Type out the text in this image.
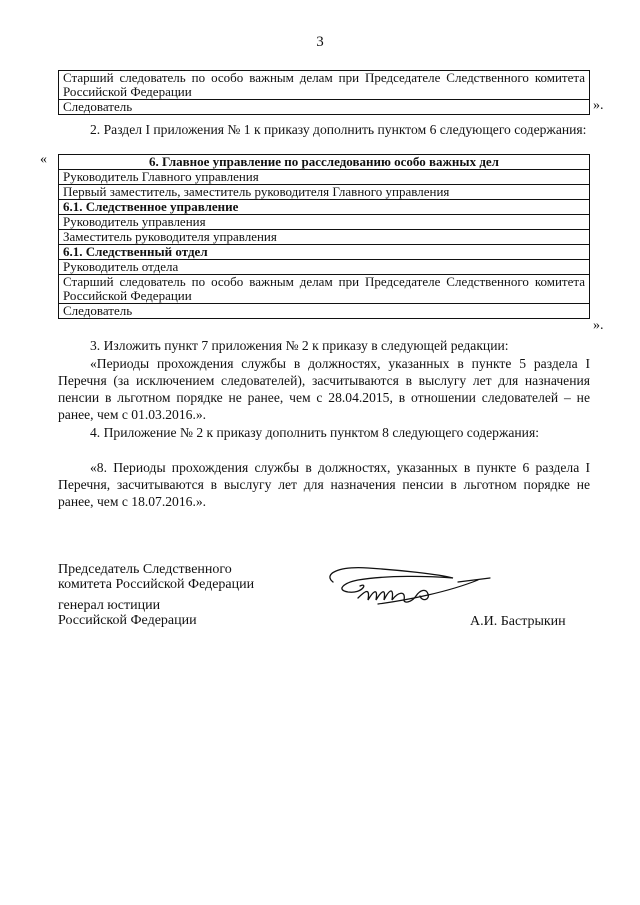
3
Старший следователь по особо важным делам при Председателе Следственного комитета Российской Федерации
Следователь	».
2. Раздел I приложения № 1 к приказу дополнить пунктом 6 следующего содержания:
«	6. Главное управление по расследованию особо важных дел
Руководитель Главного управления
Первый заместитель, заместитель руководителя Главного управления
6.1. Следственное управление
Руководитель управления
Заместитель руководителя управления
6.1. Следственный отдел
Руководитель отдела
Старший следователь по особо важным делам при Председателе Следственного комитета Российской Федерации
Следователь
».
3. Изложить пункт 7 приложения № 2 к приказу в следующей редакции:
«Периоды прохождения службы в должностях, указанных в пункте 5 раздела I Перечня (за исключением следователей), засчитываются в выслугу лет для назначения пенсии в льготном порядке не ранее, чем с 28.04.2015, в отношении следователей – не ранее, чем с 01.03.2016.».
4. Приложение № 2 к приказу дополнить пунктом 8 следующего содержания:
«8. Периоды прохождения службы в должностях, указанных в пункте 6 раздела I Перечня, засчитываются в выслугу лет для назначения пенсии в льготном порядке не ранее, чем с 18.07.2016.».
Председатель Следственного
комитета Российской Федерации
генерал юстиции
Российской Федерации	А.И. Бастрыкин
